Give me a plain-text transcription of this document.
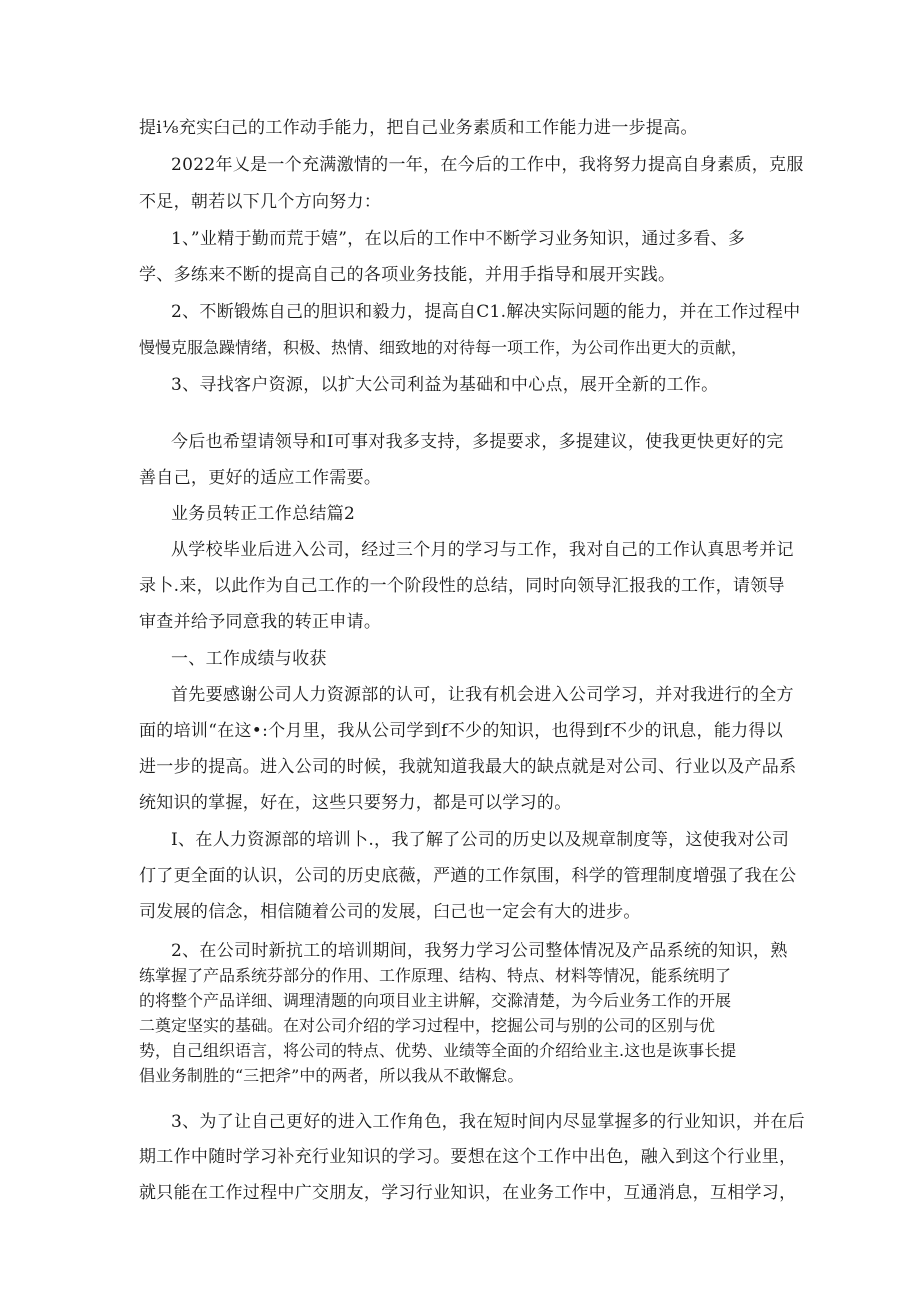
提i⅛充实臼己的工作动手能力，把自己业务素质和工作能力进一步提高。

2022年乂是一个充满激情的一年，在今后的工作中，我将努力提高自身素质，克服

不足，朝若以下几个方向努力：

1、”业精于勤而荒于嬉”，在以后的工作中不断学习业务知识，通过多看、多

学、多练来不断的提高自己的各项业务技能，并用手指导和展开实践。

2、不断锻炼自己的胆识和毅力，提高自C1.解决实际问题的能力，并在工作过程中

慢慢克服急躁情绪，积极、热情、细致地的对待每一项工作，为公司作出更大的贡献，

3、寻找客户资源，以扩大公司利益为基础和中心点，展开全新的工作。

今后也希望请领导和I可事对我多支持，多提要求，多提建议，使我更快更好的完

善自己，更好的适应工作需要。

业务员转正工作总结篇2

从学校毕业后进入公司，经过三个月的学习与工作，我对自己的工作认真思考并记

录卜.来，以此作为自己工作的一个阶段性的总结，同时向领导汇报我的工作，请领导

审查并给予同意我的转正申请。

一、工作成绩与收获

首先要感谢公司人力资源部的认可，让我有机会进入公司学习，并对我进行的全方

面的培训“在这•:个月里，我从公司学到f不少的知识，也得到f不少的讯息，能力得以

进一步的提高。进入公司的时候，我就知道我最大的缺点就是对公司、行业以及产品系

统知识的掌握，好在，这些只要努力，都是可以学习的。

I、在人力资源部的培训卜.，我了解了公司的历史以及规章制度等，这使我对公司

仃了更全面的认识，公司的历史底薇，严遒的工作氛围，科学的管理制度增强了我在公

司发展的信念，相信随着公司的发展，臼己也一定会有大的进步。

2、在公司时新抗工的培训期间，我努力学习公司整体情况及产品系统的知识，熟

练掌握了产品系统芬部分的作用、工作原理、结构、特点、材料等情况，能系统明了

的将整个产品详细、调理清题的向项目业主讲解，交滁清楚，为今后业务工作的开展

二奠定坚实的基础。在对公司介绍的学习过程中，挖掘公司与别的公司的区别与优

势，自己组织语言，将公司的特点、优势、业绩等全面的介绍给业主.这也是诙事长提

倡业务制胜的“三把斧”中的两者，所以我从不敢懈怠。

3、为了让自己更好的进入工作角色，我在短时间内尽显掌握多的行业知识，并在后

期工作中随时学习补充行业知识的学习。要想在这个工作中出色，融入到这个行业里，

就只能在工作过程中广交朋友，学习行业知识，在业务工作中，互通消息，互相学习，
